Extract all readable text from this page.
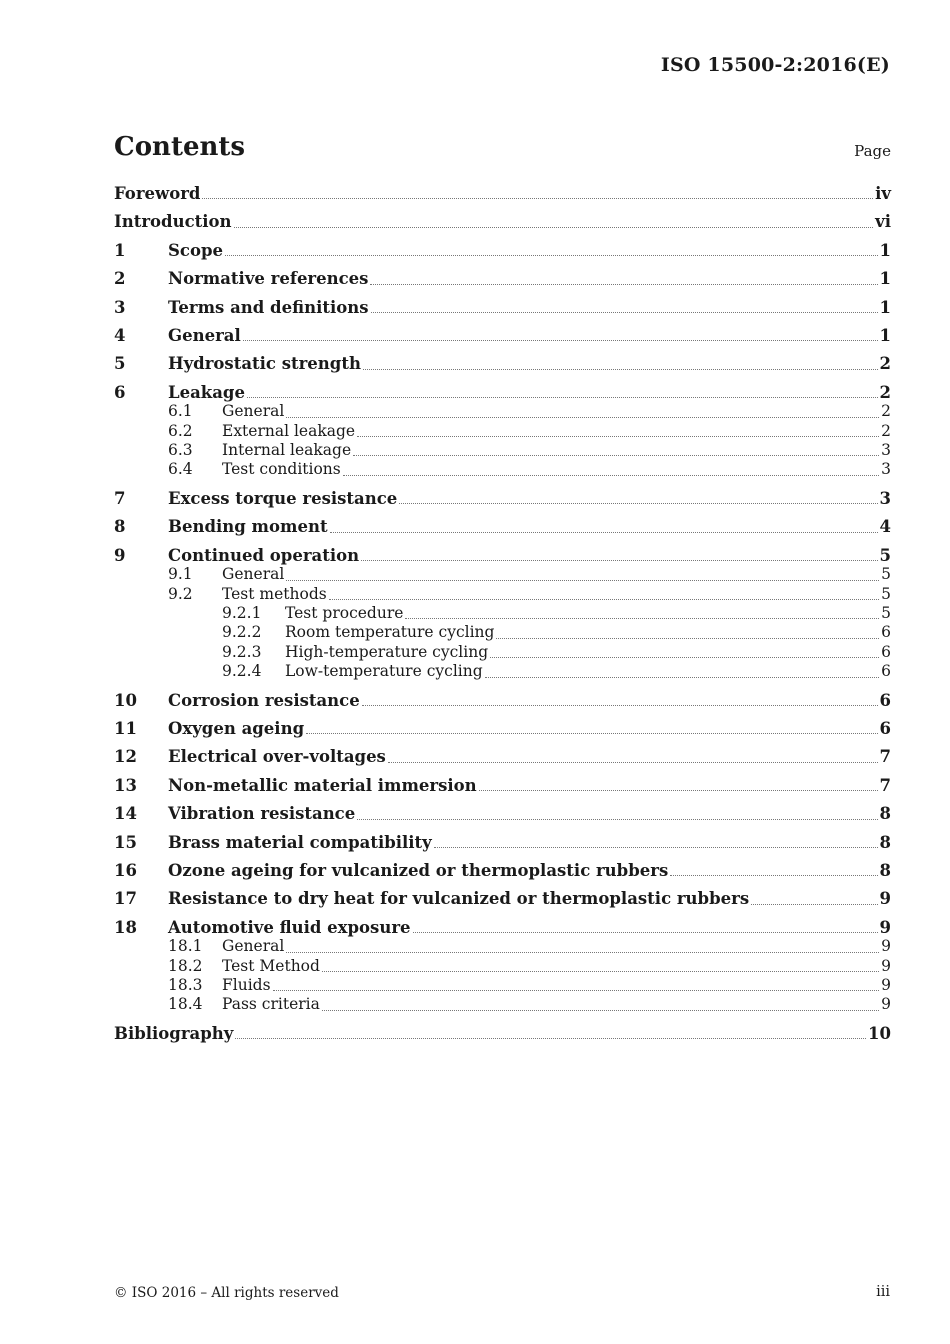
ISO 15500-2:2016(E)
Contents	Page
Foreword	iv
Introduction	vi
1	Scope	1
2	Normative references	1
3	Terms and definitions	1
4	General	1
5	Hydrostatic strength	2
6	Leakage	2
6.1	General	2
6.2	External leakage	2
6.3	Internal leakage	3
6.4	Test conditions	3
7	Excess torque resistance	3
8	Bending moment	4
9	Continued operation	5
9.1	General	5
9.2	Test methods	5
9.2.1	Test procedure	5
9.2.2	Room temperature cycling	6
9.2.3	High-temperature cycling	6
9.2.4	Low-temperature cycling	6
10	Corrosion resistance	6
11	Oxygen ageing	6
12	Electrical over-voltages	7
13	Non-metallic material immersion	7
14	Vibration resistance	8
15	Brass material compatibility	8
16	Ozone ageing for vulcanized or thermoplastic rubbers	8
17	Resistance to dry heat for vulcanized or thermoplastic rubbers	9
18	Automotive fluid exposure	9
18.1	General	9
18.2	Test Method	9
18.3	Fluids	9
18.4	Pass criteria	9
Bibliography	10
© ISO 2016 – All rights reserved	iii
